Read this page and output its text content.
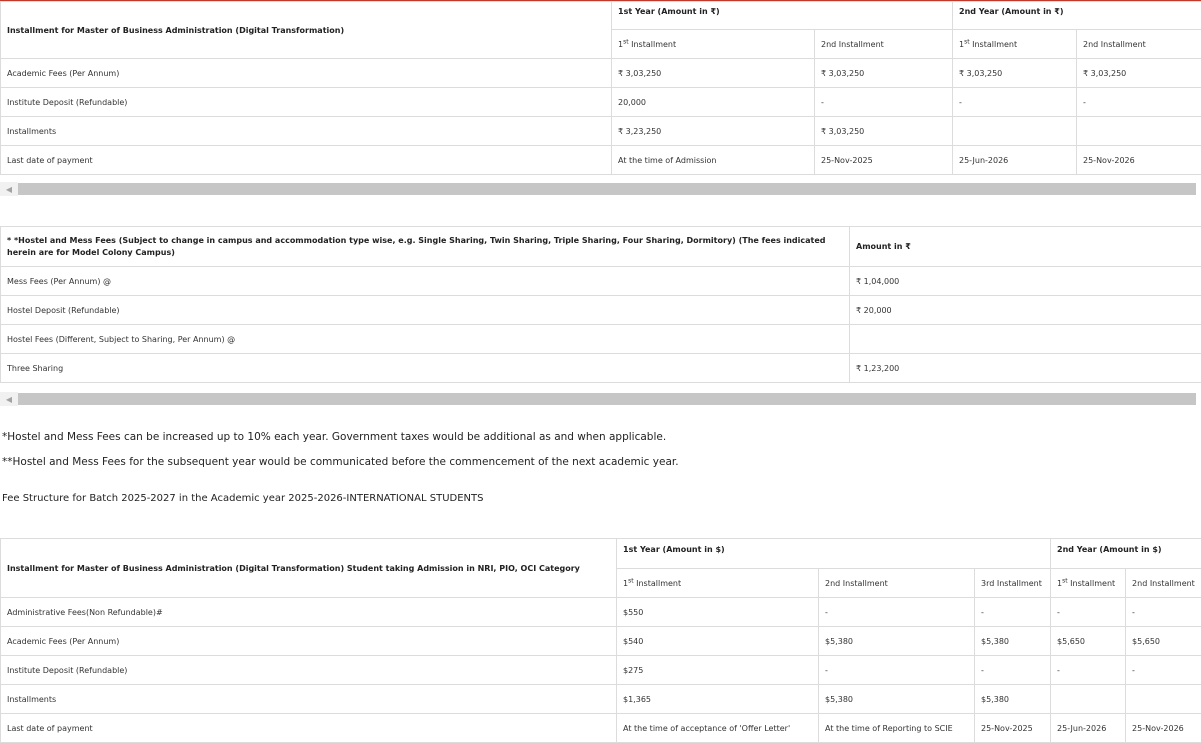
Installment for Master of Business Administration (Digital Transformation)	1st Year (Amount in ₹)		2nd Year (Amount in ₹)	
	1st Installment	2nd Installment	1st Installment	2nd Installment
Academic Fees (Per Annum)	₹ 3,03,250	₹ 3,03,250	₹ 3,03,250	₹ 3,03,250
Institute Deposit (Refundable)	20,000	-	-	-
Installments	₹ 3,23,250	₹ 3,03,250		
Last date of payment	At the time of Admission	25-Nov-2025	25-Jun-2026	25-Nov-2026
◀
* *Hostel and Mess Fees (Subject to change in campus and accommodation type wise, e.g. Single Sharing, Twin Sharing, Triple Sharing, Four Sharing, Dormitory) (The fees indicated herein are for Model Colony Campus)	Amount in ₹
Mess Fees (Per Annum) @	₹ 1,04,000
Hostel Deposit (Refundable)	₹ 20,000
Hostel Fees (Different, Subject to Sharing, Per Annum) @	
Three Sharing	₹ 1,23,200
◀
*Hostel and Mess Fees can be increased up to 10% each year. Government taxes would be additional as and when applicable.
**Hostel and Mess Fees for the subsequent year would be communicated before the commencement of the next academic year.
Fee Structure for Batch 2025-2027 in the Academic year 2025-2026-INTERNATIONAL STUDENTS
Installment for Master of Business Administration (Digital Transformation) Student taking Admission in NRI, PIO, OCI Category	1st Year (Amount in $)			2nd Year (Amount in $)	
	1st Installment	2nd Installment	3rd Installment	1st Installment	2nd Installment
Administrative Fees(Non Refundable)#	$550	-	-	-	-
Academic Fees (Per Annum)	$540	$5,380	$5,380	$5,650	$5,650
Institute Deposit (Refundable)	$275	-	-	-	-
Installments	$1,365	$5,380	$5,380		
Last date of payment	At the time of acceptance of 'Offer Letter'	At the time of Reporting to SCIE	25-Nov-2025	25-Jun-2026	25-Nov-2026
